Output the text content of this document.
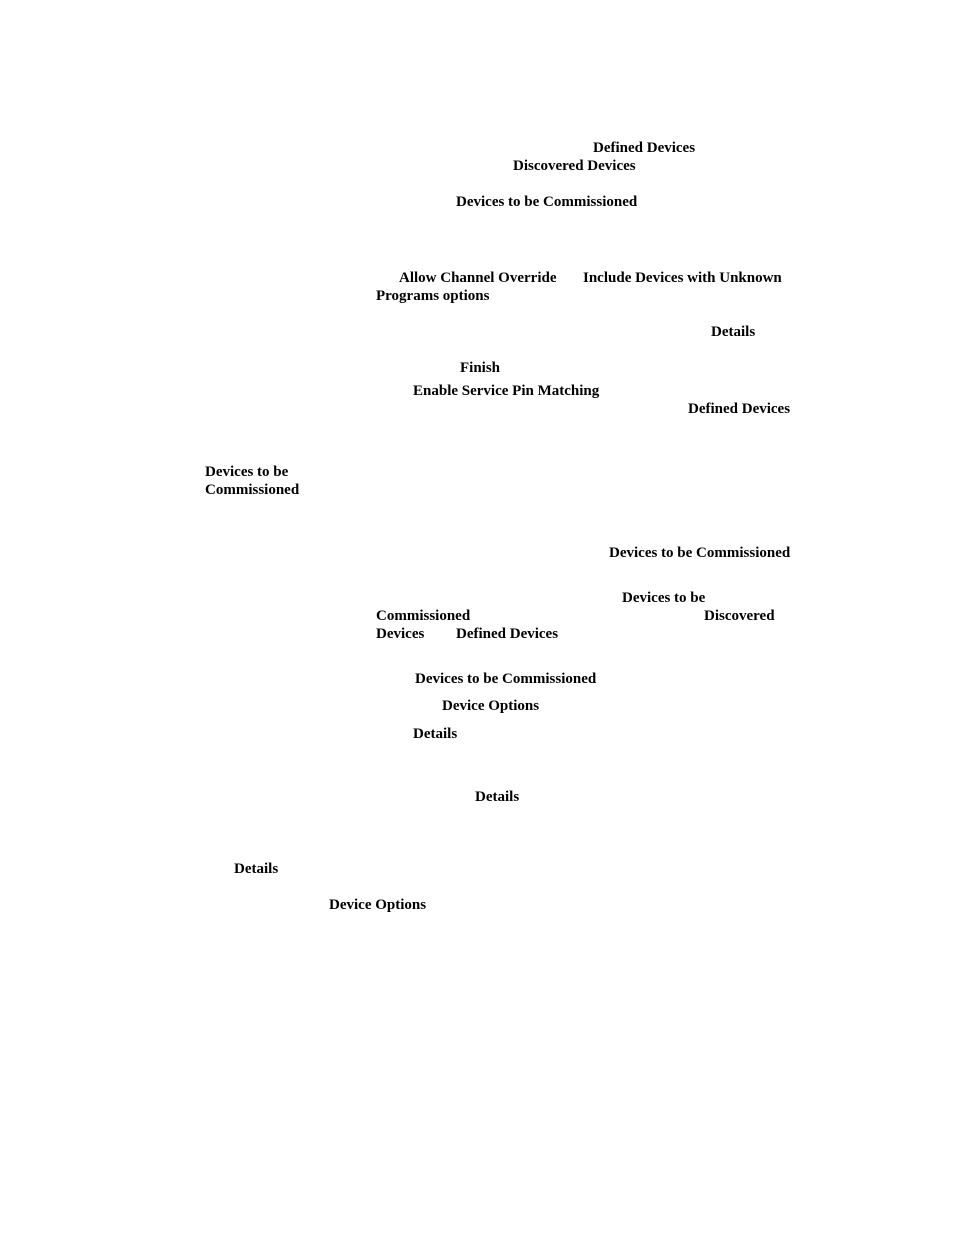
Defined Devices
Discovered Devices
Devices to be Commissioned
Allow Channel Override Include Devices with Unknown
Programs options
Details
Finish
Enable Service Pin Matching
Defined Devices
Devices to be
Commissioned
Devices to be Commissioned
Devices to be
Commissioned	Discovered
Devices Defined Devices
Devices to be Commissioned
Device Options
Details
Details
Details
Device Options
